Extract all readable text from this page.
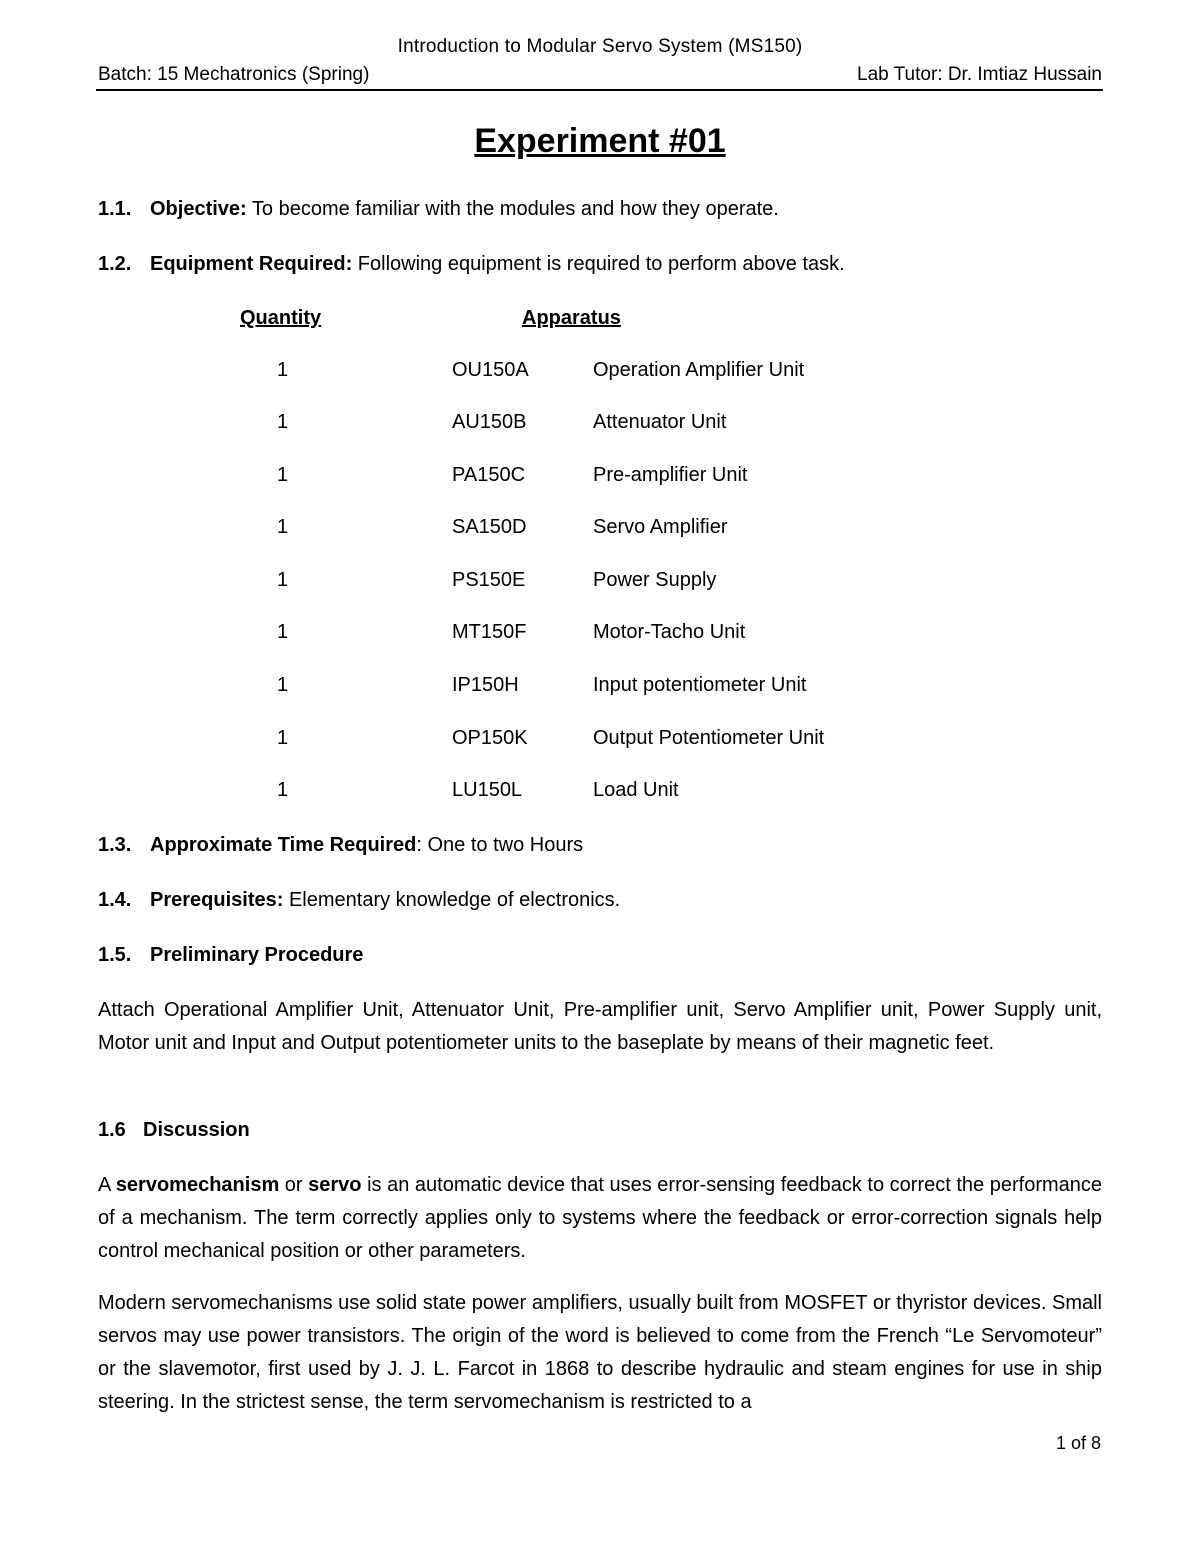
Introduction to Modular Servo System (MS150)
Batch: 15 Mechatronics (Spring)	Lab Tutor: Dr. Imtiaz Hussain
Experiment #01
1.1. Objective: To become familiar with the modules and how they operate.
1.2. Equipment Required: Following equipment is required to perform above task.
Quantity	Apparatus
1	OU150A	Operation Amplifier Unit
1	AU150B	Attenuator Unit
1	PA150C	Pre-amplifier Unit
1	SA150D	Servo Amplifier
1	PS150E	Power Supply
1	MT150F	Motor-Tacho Unit
1	IP150H	Input potentiometer Unit
1	OP150K	Output Potentiometer Unit
1	LU150L	Load Unit
1.3. Approximate Time Required: One to two Hours
1.4. Prerequisites: Elementary knowledge of electronics.
1.5. Preliminary Procedure

Attach Operational Amplifier Unit, Attenuator Unit, Pre-amplifier unit, Servo Amplifier unit, Power Supply unit, Motor unit and Input and Output potentiometer units to the baseplate by means of their magnetic feet.

1.6 Discussion

A servomechanism or servo is an automatic device that uses error-sensing feedback to correct the performance of a mechanism. The term correctly applies only to systems where the feedback or error-correction signals help control mechanical position or other parameters.

Modern servomechanisms use solid state power amplifiers, usually built from MOSFET or thyristor devices. Small servos may use power transistors. The origin of the word is believed to come from the French “Le Servomoteur” or the slavemotor, first used by J. J. L. Farcot in 1868 to describe hydraulic and steam engines for use in ship steering. In the strictest sense, the term servomechanism is restricted to a

1 of 8
